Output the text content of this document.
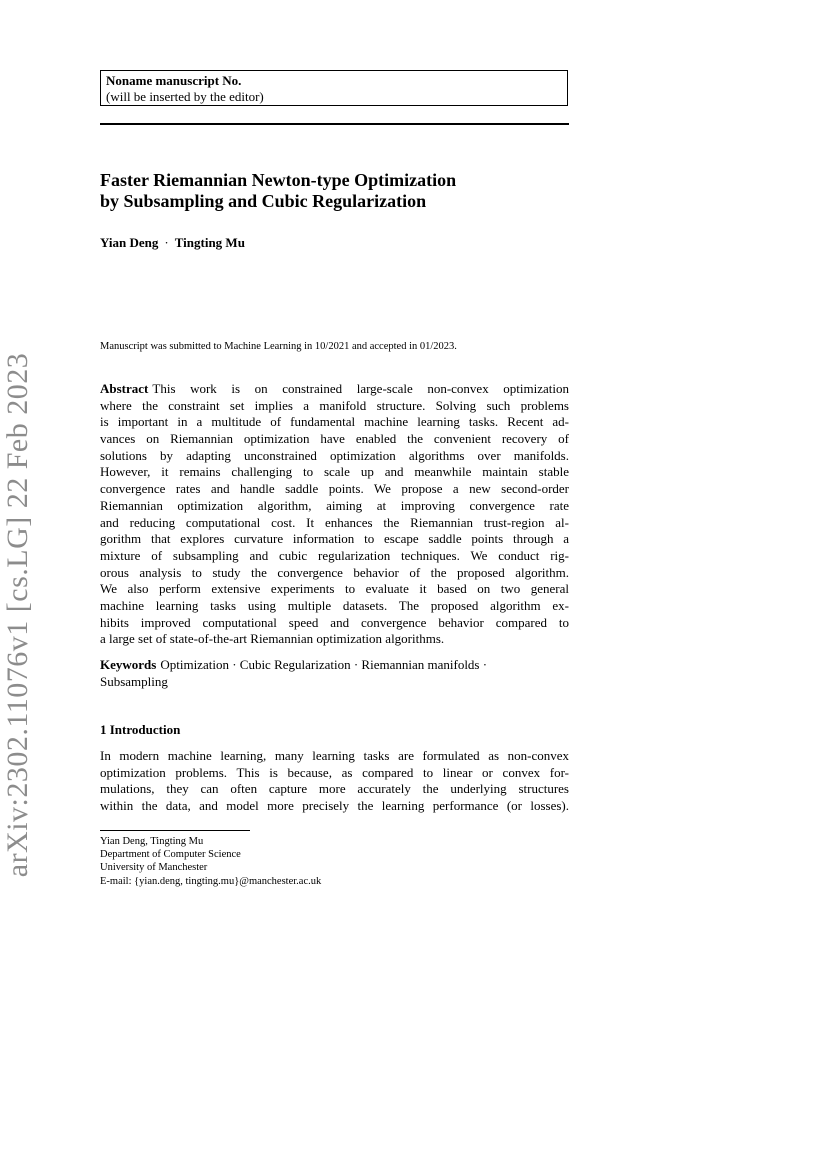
arXiv:2302.11076v1 [cs.LG] 22 Feb 2023
Noname manuscript No.
(will be inserted by the editor)
Faster Riemannian Newton-type Optimization
by Subsampling and Cubic Regularization
Yian Deng · Tingting Mu
Manuscript was submitted to Machine Learning in 10/2021 and accepted in 01/2023.
Abstract This work is on constrained large-scale non-convex optimization
where the constraint set implies a manifold structure. Solving such problems
is important in a multitude of fundamental machine learning tasks. Recent ad-
vances on Riemannian optimization have enabled the convenient recovery of
solutions by adapting unconstrained optimization algorithms over manifolds.
However, it remains challenging to scale up and meanwhile maintain stable
convergence rates and handle saddle points. We propose a new second-order
Riemannian optimization algorithm, aiming at improving convergence rate
and reducing computational cost. It enhances the Riemannian trust-region al-
gorithm that explores curvature information to escape saddle points through a
mixture of subsampling and cubic regularization techniques. We conduct rig-
orous analysis to study the convergence behavior of the proposed algorithm.
We also perform extensive experiments to evaluate it based on two general
machine learning tasks using multiple datasets. The proposed algorithm ex-
hibits improved computational speed and convergence behavior compared to
a large set of state-of-the-art Riemannian optimization algorithms.
Keywords Optimization · Cubic Regularization · Riemannian manifolds ·
Subsampling
1 Introduction
In modern machine learning, many learning tasks are formulated as non-convex
optimization problems. This is because, as compared to linear or convex for-
mulations, they can often capture more accurately the underlying structures
within the data, and model more precisely the learning performance (or losses).
Yian Deng, Tingting Mu
Department of Computer Science
University of Manchester
E-mail: {yian.deng, tingting.mu}@manchester.ac.uk
